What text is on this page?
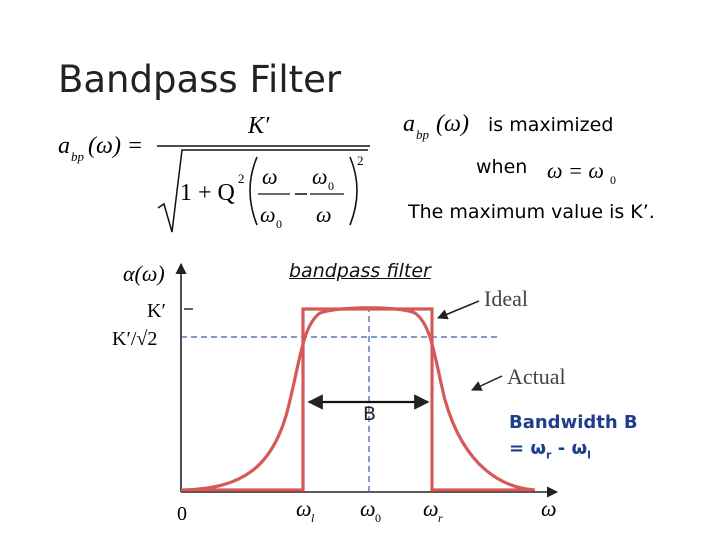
Bandpass Filter
a bp (ω) =
K′
1 + Q
2
2
ω
ω 0
ω 0
ω
a bp (ω) is maximized
when ω = ω 0
The maximum value is K’.
bandpass filter
α(ω)
K′
K′/√2
Ideal
Actual
B
0	ω l ω 0 ω r	ω
Bandwidth B
= $\omega_r - \omega_l$
